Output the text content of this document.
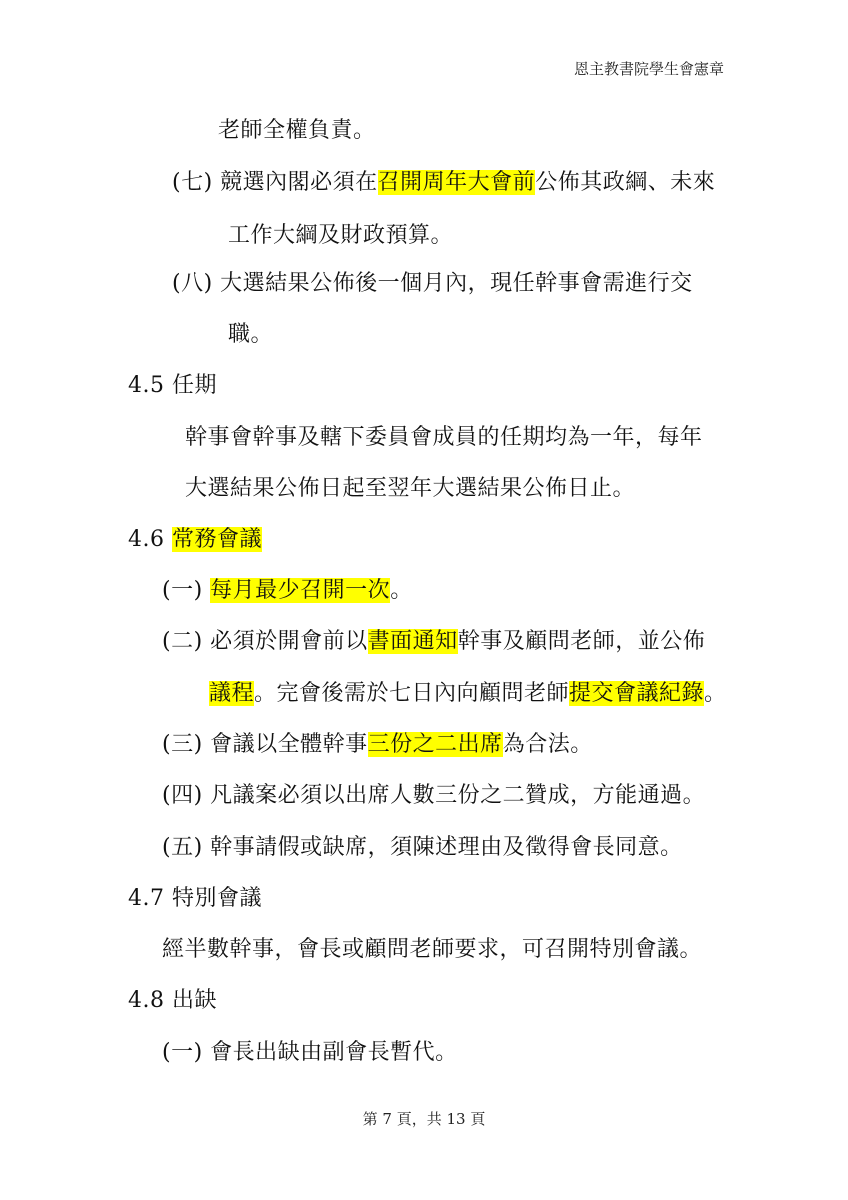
恩主教書院學生會憲章
老師全權負責。
(七) 競選內閣必須在召開周年大會前公佈其政綱、未來
工作大綱及財政預算。
(八) 大選結果公佈後一個月內，現任幹事會需進行交
職。
4.5 任期
幹事會幹事及轄下委員會成員的任期均為一年，每年
大選結果公佈日起至翌年大選結果公佈日止。
4.6 常務會議
(一) 每月最少召開一次。
(二) 必須於開會前以書面通知幹事及顧問老師，並公佈
議程。完會後需於七日內向顧問老師提交會議紀錄。
(三) 會議以全體幹事三份之二出席為合法。
(四) 凡議案必須以出席人數三份之二贊成，方能通過。
(五) 幹事請假或缺席，須陳述理由及徵得會長同意。
4.7 特別會議
經半數幹事，會長或顧問老師要求，可召開特別會議。
4.8 出缺
(一) 會長出缺由副會長暫代。
第 7 頁，共 13 頁
